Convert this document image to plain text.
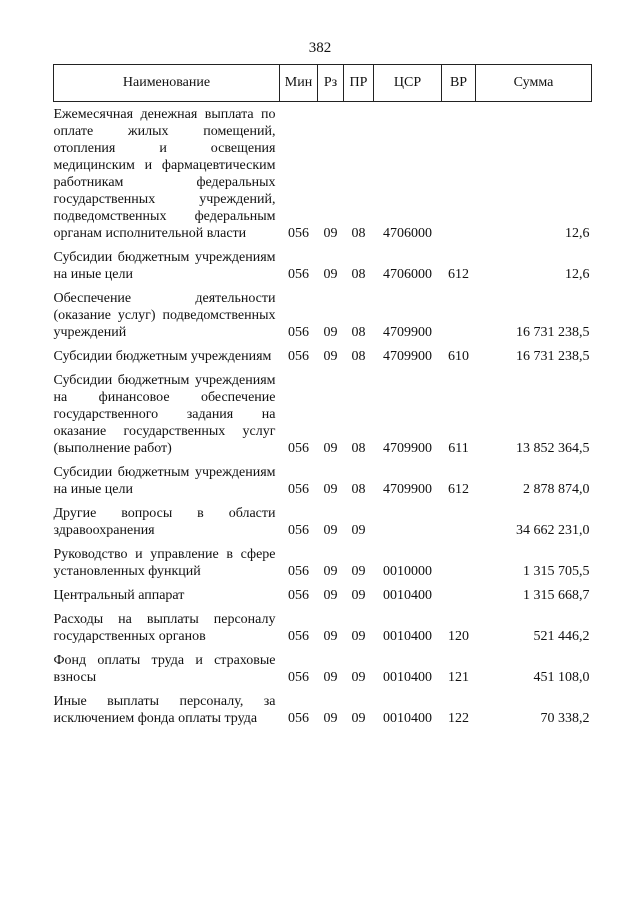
382
Наименование	Мин	Рз	ПР	ЦСР	ВР	Сумма
Ежемесячная денежная выплата по оплате жилых помещений, отопления и освещения медицинским и фармацевтическим работникам федеральных государственных учреждений, подведомственных федеральным органам исполнительной власти	056	09	08	4706000		12,6
Субсидии бюджетным учреждениям на иные цели	056	09	08	4706000	612	12,6
Обеспечение деятельности (оказание услуг) подведомственных учреждений	056	09	08	4709900		16 731 238,5
Субсидии бюджетным учреждениям	056	09	08	4709900	610	16 731 238,5
Субсидии бюджетным учреждениям на финансовое обеспечение государственного задания на оказание государственных услуг (выполнение работ)	056	09	08	4709900	611	13 852 364,5
Субсидии бюджетным учреждениям на иные цели	056	09	08	4709900	612	2 878 874,0
Другие вопросы в области здравоохранения	056	09	09			34 662 231,0
Руководство и управление в сфере установленных функций	056	09	09	0010000		1 315 705,5
Центральный аппарат	056	09	09	0010400		1 315 668,7
Расходы на выплаты персоналу государственных органов	056	09	09	0010400	120	521 446,2
Фонд оплаты труда и страховые взносы	056	09	09	0010400	121	451 108,0
Иные выплаты персоналу, за исключением фонда оплаты труда	056	09	09	0010400	122	70 338,2
